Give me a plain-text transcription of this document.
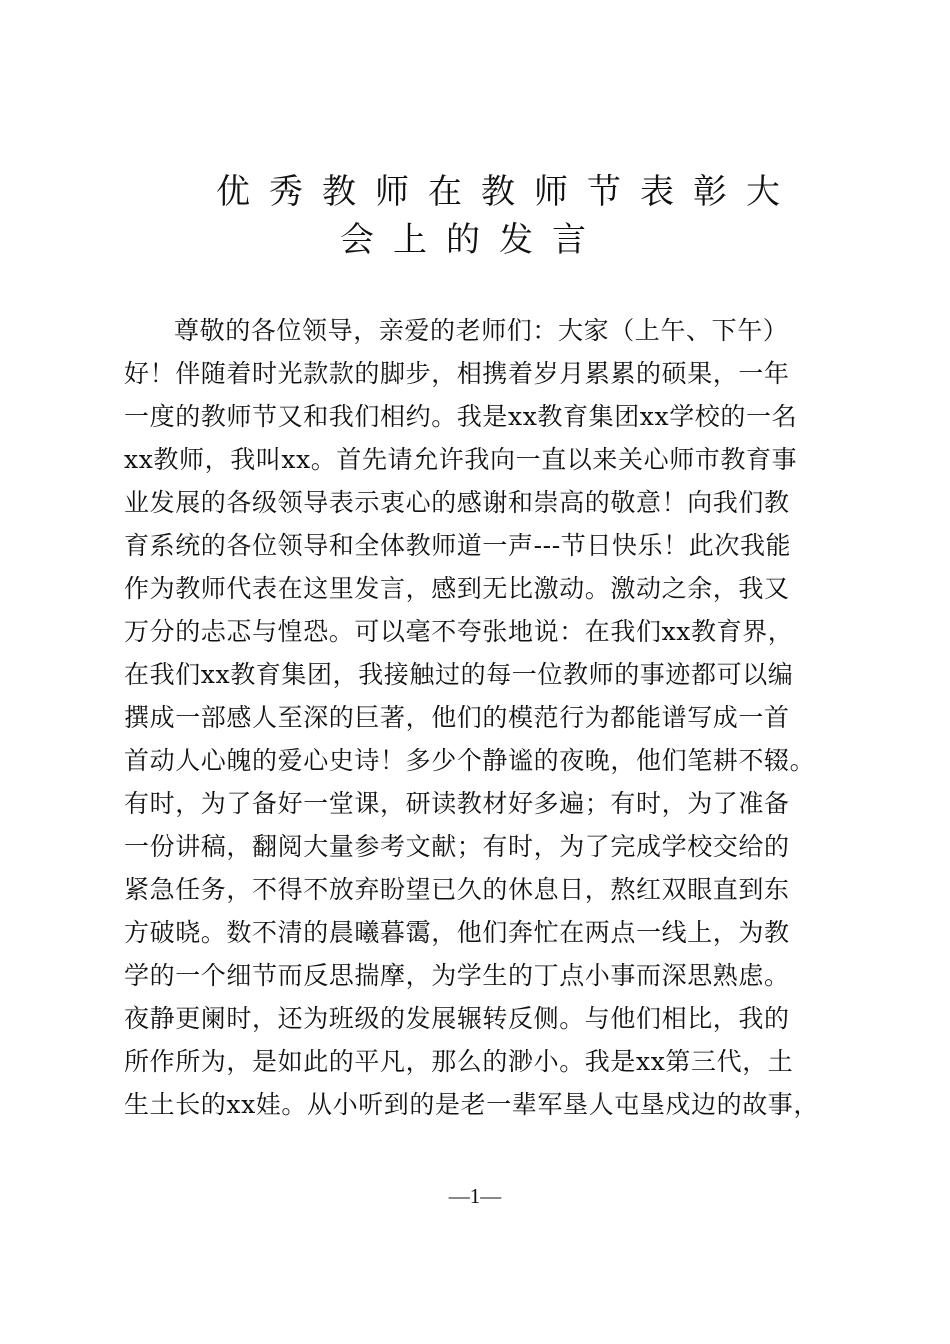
优秀教师在教师节表彰大
会上的发言
尊敬的各位领导，亲爱的老师们：大家（上午、下午）
好！伴随着时光款款的脚步，相携着岁月累累的硕果，一年
一度的教师节又和我们相约。我是xx教育集团xx学校的一名
xx教师，我叫xx。首先请允许我向一直以来关心师市教育事
业发展的各级领导表示衷心的感谢和崇高的敬意！向我们教
育系统的各位领导和全体教师道一声---节日快乐！此次我能
作为教师代表在这里发言，感到无比激动。激动之余，我又
万分的忐忑与惶恐。可以毫不夸张地说：在我们xx教育界，
在我们xx教育集团，我接触过的每一位教师的事迹都可以编
撰成一部感人至深的巨著，他们的模范行为都能谱写成一首
首动人心魄的爱心史诗！多少个静谧的夜晚，他们笔耕不辍。
有时，为了备好一堂课，研读教材好多遍；有时，为了准备
一份讲稿，翻阅大量参考文献；有时，为了完成学校交给的
紧急任务，不得不放弃盼望已久的休息日，熬红双眼直到东
方破晓。数不清的晨曦暮霭，他们奔忙在两点一线上，为教
学的一个细节而反思揣摩，为学生的丁点小事而深思熟虑。
夜静更阑时，还为班级的发展辗转反侧。与他们相比，我的
所作所为，是如此的平凡，那么的渺小。我是xx第三代，土
生土长的xx娃。从小听到的是老一辈军垦人屯垦戍边的故事，
—1—
